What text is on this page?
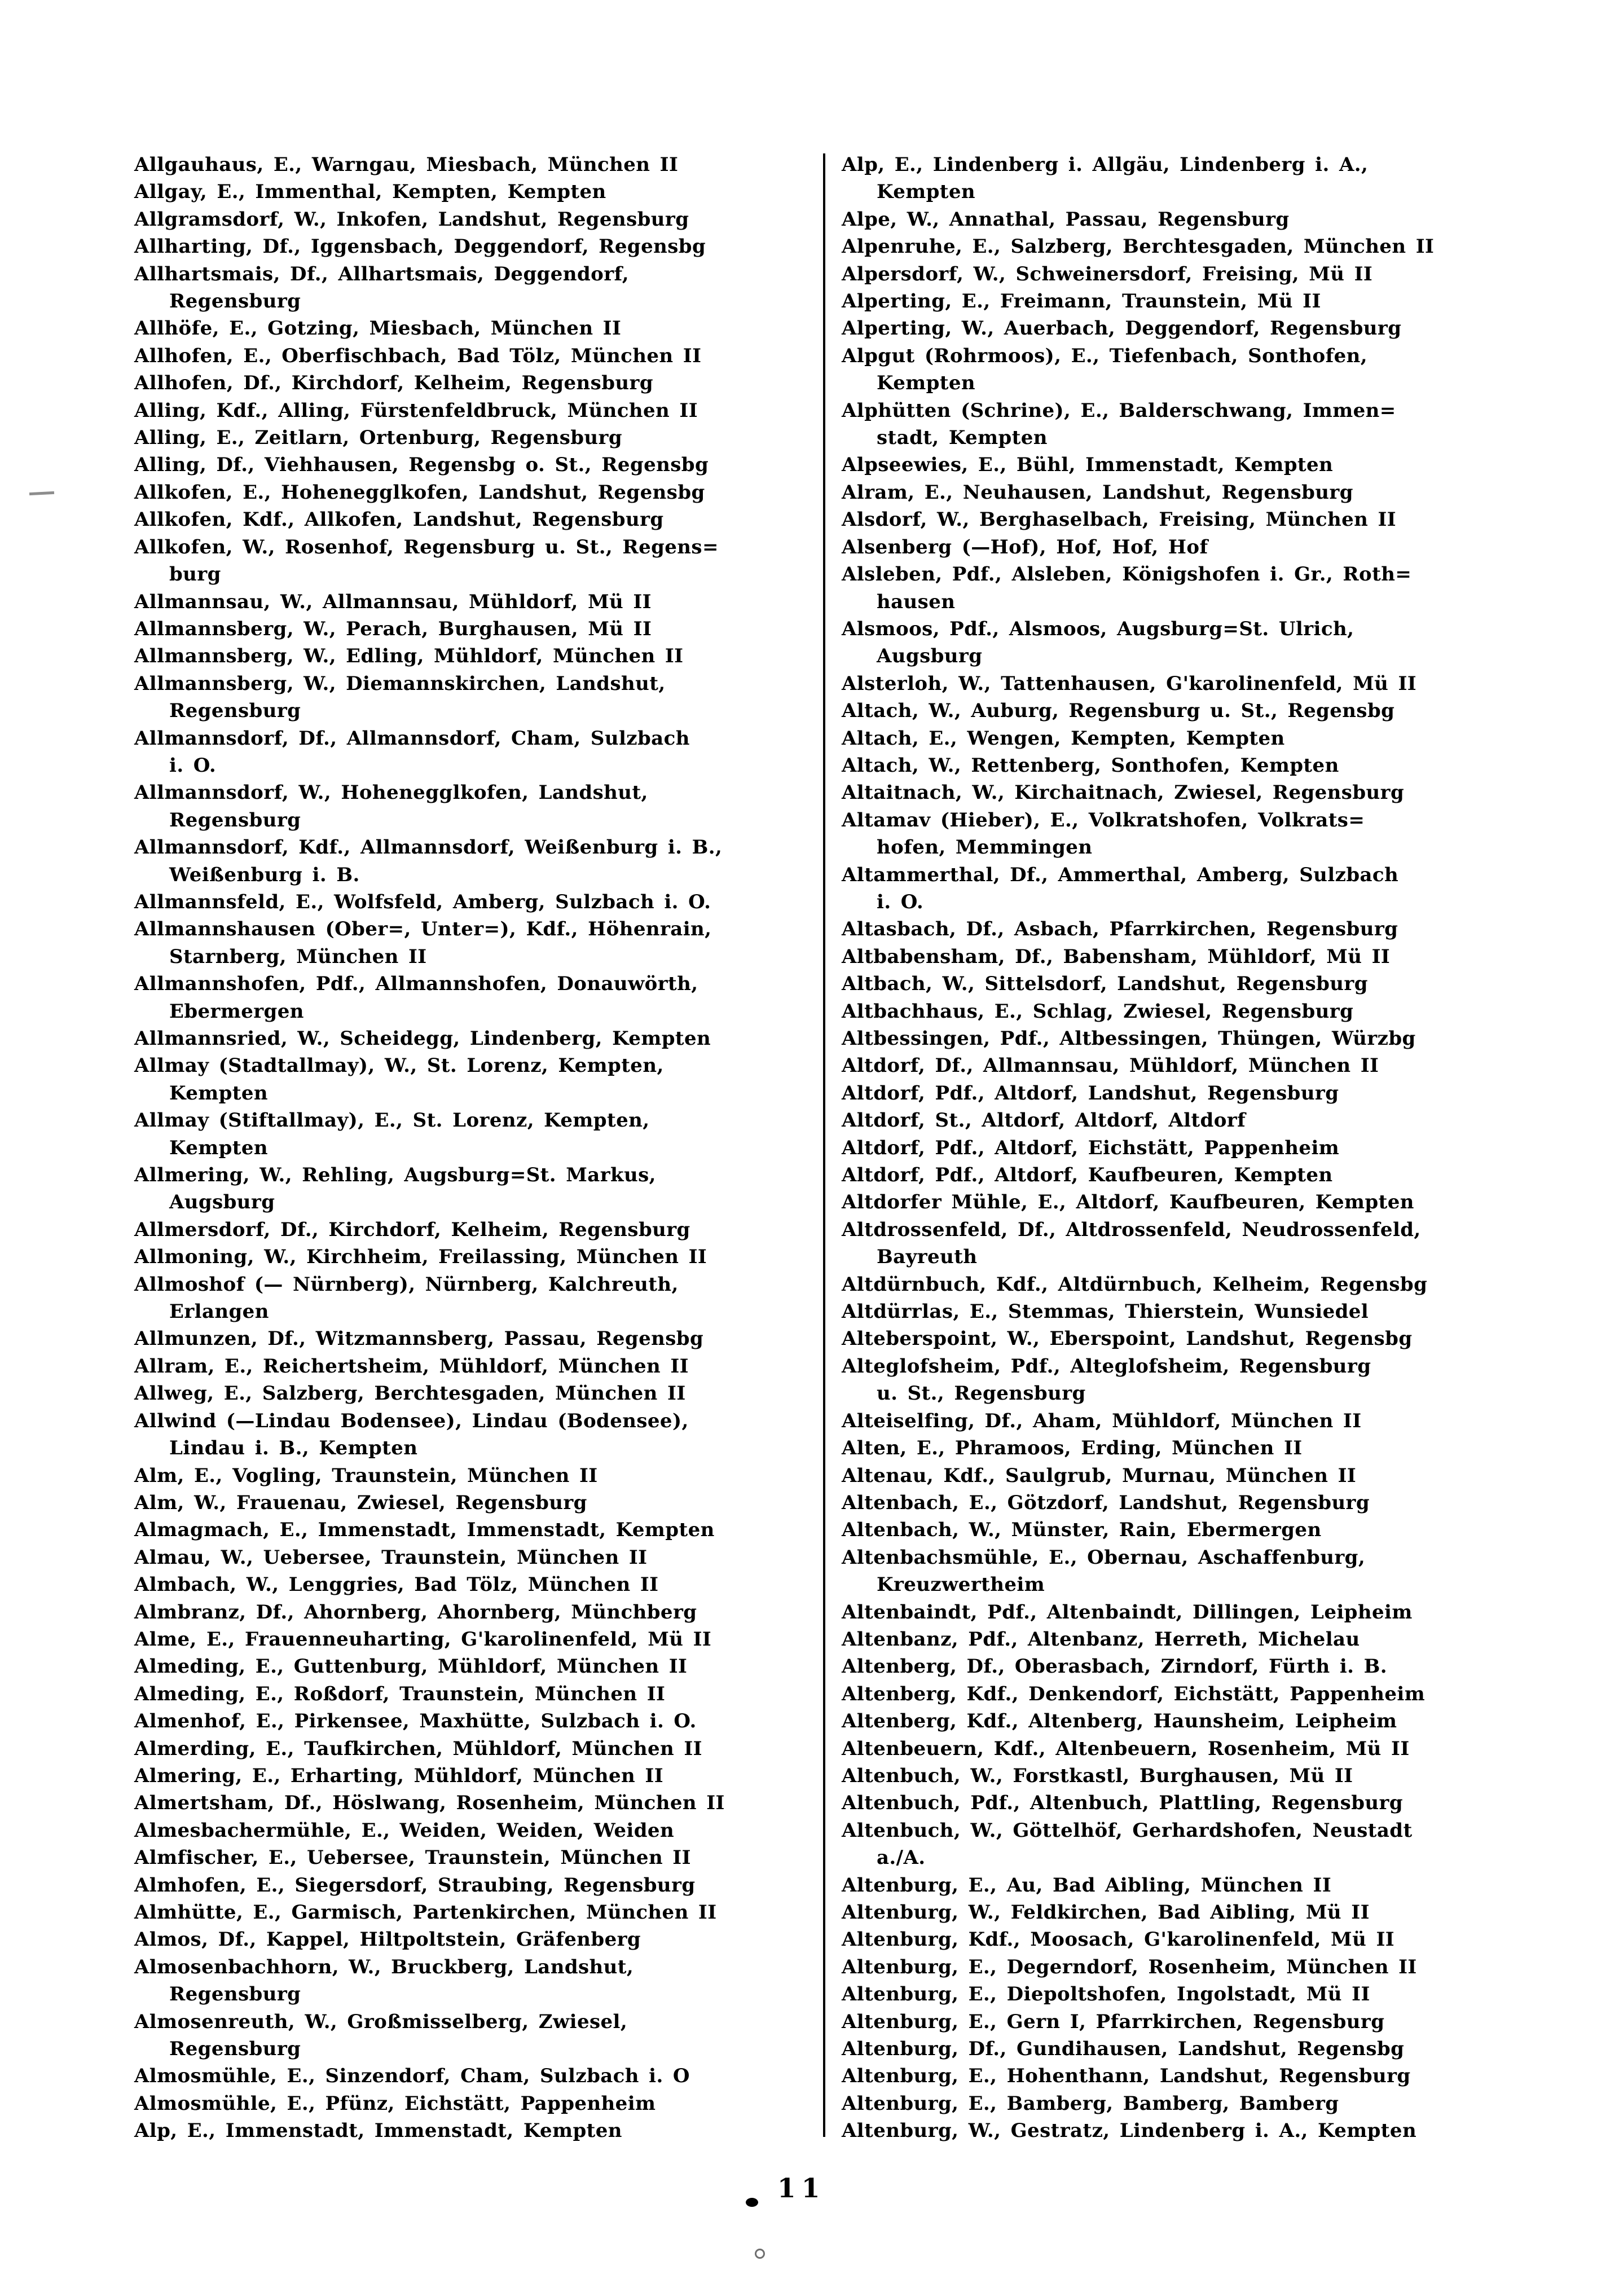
Allgauhaus, E., Warngau, Miesbach, München II
Allgay, E., Immenthal, Kempten, Kempten
Allgramsdorf, W., Inkofen, Landshut, Regensburg
Allharting, Df., Iggensbach, Deggendorf, Regensbg
Allhartsmais, Df., Allhartsmais, Deggendorf,
Regensburg
Allhöfe, E., Gotzing, Miesbach, München II
Allhofen, E., Oberfischbach, Bad Tölz, München II
Allhofen, Df., Kirchdorf, Kelheim, Regensburg
Alling, Kdf., Alling, Fürstenfeldbruck, München II
Alling, E., Zeitlarn, Ortenburg, Regensburg
Alling, Df., Viehhausen, Regensbg o. St., Regensbg
Allkofen, E., Hohenegglkofen, Landshut, Regensbg
Allkofen, Kdf., Allkofen, Landshut, Regensburg
Allkofen, W., Rosenhof, Regensburg u. St., Regens=
burg
Allmannsau, W., Allmannsau, Mühldorf, Mü II
Allmannsberg, W., Perach, Burghausen, Mü II
Allmannsberg, W., Edling, Mühldorf, München II
Allmannsberg, W., Diemannskirchen, Landshut,
Regensburg
Allmannsdorf, Df., Allmannsdorf, Cham, Sulzbach
i. O.
Allmannsdorf, W., Hohenegglkofen, Landshut,
Regensburg
Allmannsdorf, Kdf., Allmannsdorf, Weißenburg i. B.,
Weißenburg i. B.
Allmannsfeld, E., Wolfsfeld, Amberg, Sulzbach i. O.
Allmannshausen (Ober=, Unter=), Kdf., Höhenrain,
Starnberg, München II
Allmannshofen, Pdf., Allmannshofen, Donauwörth,
Ebermergen
Allmannsried, W., Scheidegg, Lindenberg, Kempten
Allmay (Stadtallmay), W., St. Lorenz, Kempten,
Kempten
Allmay (Stiftallmay), E., St. Lorenz, Kempten,
Kempten
Allmering, W., Rehling, Augsburg=St. Markus,
Augsburg
Allmersdorf, Df., Kirchdorf, Kelheim, Regensburg
Allmoning, W., Kirchheim, Freilassing, München II
Allmoshof (— Nürnberg), Nürnberg, Kalchreuth,
Erlangen
Allmunzen, Df., Witzmannsberg, Passau, Regensbg
Allram, E., Reichertsheim, Mühldorf, München II
Allweg, E., Salzberg, Berchtesgaden, München II
Allwind (—Lindau Bodensee), Lindau (Bodensee),
Lindau i. B., Kempten
Alm, E., Vogling, Traunstein, München II
Alm, W., Frauenau, Zwiesel, Regensburg
Almagmach, E., Immenstadt, Immenstadt, Kempten
Almau, W., Uebersee, Traunstein, München II
Almbach, W., Lenggries, Bad Tölz, München II
Almbranz, Df., Ahornberg, Ahornberg, Münchberg
Alme, E., Frauenneuharting, G'karolinenfeld, Mü II
Almeding, E., Guttenburg, Mühldorf, München II
Almeding, E., Roßdorf, Traunstein, München II
Almenhof, E., Pirkensee, Maxhütte, Sulzbach i. O.
Almerding, E., Taufkirchen, Mühldorf, München II
Almering, E., Erharting, Mühldorf, München II
Almertsham, Df., Höslwang, Rosenheim, München II
Almesbachermühle, E., Weiden, Weiden, Weiden
Almfischer, E., Uebersee, Traunstein, München II
Almhofen, E., Siegersdorf, Straubing, Regensburg
Almhütte, E., Garmisch, Partenkirchen, München II
Almos, Df., Kappel, Hiltpoltstein, Gräfenberg
Almosenbachhorn, W., Bruckberg, Landshut,
Regensburg
Almosenreuth, W., Großmisselberg, Zwiesel,
Regensburg
Almosmühle, E., Sinzendorf, Cham, Sulzbach i. O
Almosmühle, E., Pfünz, Eichstätt, Pappenheim
Alp, E., Immenstadt, Immenstadt, Kempten
Alp, E., Lindenberg i. Allgäu, Lindenberg i. A.,
Kempten
Alpe, W., Annathal, Passau, Regensburg
Alpenruhe, E., Salzberg, Berchtesgaden, München II
Alpersdorf, W., Schweinersdorf, Freising, Mü II
Alperting, E., Freimann, Traunstein, Mü II
Alperting, W., Auerbach, Deggendorf, Regensburg
Alpgut (Rohrmoos), E., Tiefenbach, Sonthofen,
Kempten
Alphütten (Schrine), E., Balderschwang, Immen=
stadt, Kempten
Alpseewies, E., Bühl, Immenstadt, Kempten
Alram, E., Neuhausen, Landshut, Regensburg
Alsdorf, W., Berghaselbach, Freising, München II
Alsenberg (—Hof), Hof, Hof, Hof
Alsleben, Pdf., Alsleben, Königshofen i. Gr., Roth=
hausen
Alsmoos, Pdf., Alsmoos, Augsburg=St. Ulrich,
Augsburg
Alsterloh, W., Tattenhausen, G'karolinenfeld, Mü II
Altach, W., Auburg, Regensburg u. St., Regensbg
Altach, E., Wengen, Kempten, Kempten
Altach, W., Rettenberg, Sonthofen, Kempten
Altaitnach, W., Kirchaitnach, Zwiesel, Regensburg
Altamav (Hieber), E., Volkratshofen, Volkrats=
hofen, Memmingen
Altammerthal, Df., Ammerthal, Amberg, Sulzbach
i. O.
Altasbach, Df., Asbach, Pfarrkirchen, Regensburg
Altbabensham, Df., Babensham, Mühldorf, Mü II
Altbach, W., Sittelsdorf, Landshut, Regensburg
Altbachhaus, E., Schlag, Zwiesel, Regensburg
Altbessingen, Pdf., Altbessingen, Thüngen, Würzbg
Altdorf, Df., Allmannsau, Mühldorf, München II
Altdorf, Pdf., Altdorf, Landshut, Regensburg
Altdorf, St., Altdorf, Altdorf, Altdorf
Altdorf, Pdf., Altdorf, Eichstätt, Pappenheim
Altdorf, Pdf., Altdorf, Kaufbeuren, Kempten
Altdorfer Mühle, E., Altdorf, Kaufbeuren, Kempten
Altdrossenfeld, Df., Altdrossenfeld, Neudrossenfeld,
Bayreuth
Altdürnbuch, Kdf., Altdürnbuch, Kelheim, Regensbg
Altdürrlas, E., Stemmas, Thierstein, Wunsiedel
Alteberspoint, W., Eberspoint, Landshut, Regensbg
Alteglofsheim, Pdf., Alteglofsheim, Regensburg
u. St., Regensburg
Alteiselfing, Df., Aham, Mühldorf, München II
Alten, E., Phramoos, Erding, München II
Altenau, Kdf., Saulgrub, Murnau, München II
Altenbach, E., Götzdorf, Landshut, Regensburg
Altenbach, W., Münster, Rain, Ebermergen
Altenbachsmühle, E., Obernau, Aschaffenburg,
Kreuzwertheim
Altenbaindt, Pdf., Altenbaindt, Dillingen, Leipheim
Altenbanz, Pdf., Altenbanz, Herreth, Michelau
Altenberg, Df., Oberasbach, Zirndorf, Fürth i. B.
Altenberg, Kdf., Denkendorf, Eichstätt, Pappenheim
Altenberg, Kdf., Altenberg, Haunsheim, Leipheim
Altenbeuern, Kdf., Altenbeuern, Rosenheim, Mü II
Altenbuch, W., Forstkastl, Burghausen, Mü II
Altenbuch, Pdf., Altenbuch, Plattling, Regensburg
Altenbuch, W., Göttelhöf, Gerhardshofen, Neustadt
a./A.
Altenburg, E., Au, Bad Aibling, München II
Altenburg, W., Feldkirchen, Bad Aibling, Mü II
Altenburg, Kdf., Moosach, G'karolinenfeld, Mü II
Altenburg, E., Degerndorf, Rosenheim, München II
Altenburg, E., Diepoltshofen, Ingolstadt, Mü II
Altenburg, E., Gern I, Pfarrkirchen, Regensburg
Altenburg, Df., Gundihausen, Landshut, Regensbg
Altenburg, E., Hohenthann, Landshut, Regensburg
Altenburg, E., Bamberg, Bamberg, Bamberg
Altenburg, W., Gestratz, Lindenberg i. A., Kempten
11
